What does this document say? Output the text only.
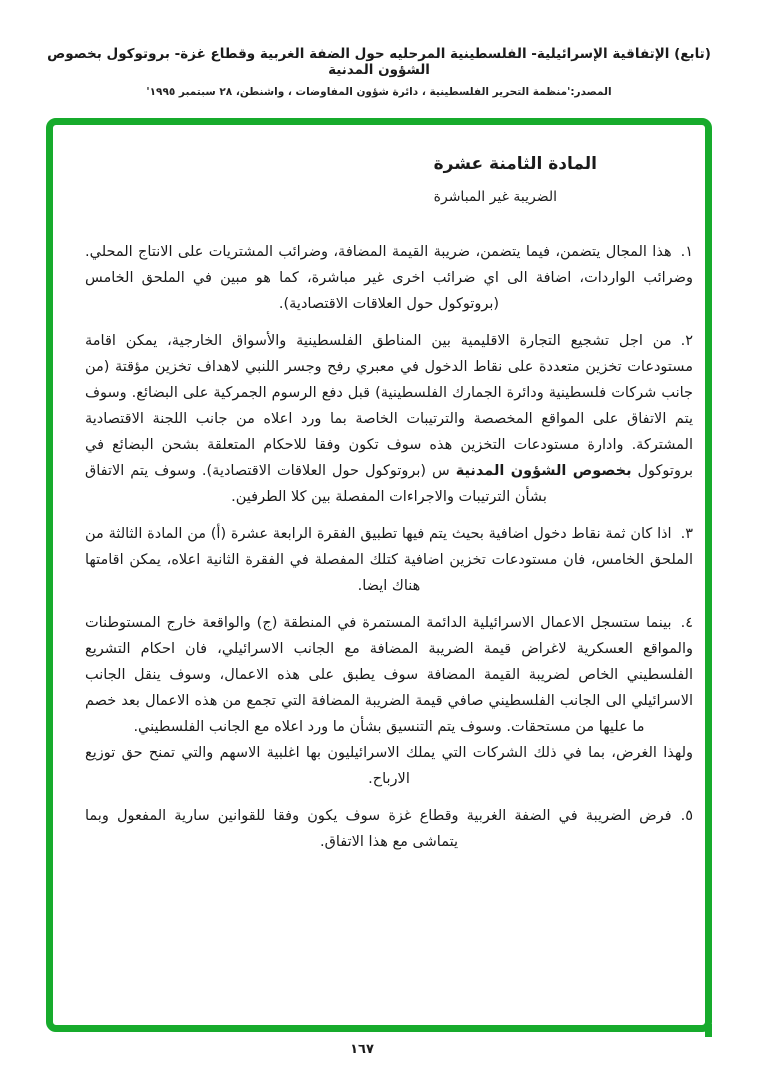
(تابع) الإتفاقية الإسرائيلية- الفلسطينية المرحليه حول الضفة الغربية وقطاع غزة- بروتوكول بخصوص الشؤون المدنية
المصدر:'منظمة التحرير الفلسطينية ، دائرة شؤون المفاوضات ، واشنطن، ٢٨ سبتمبر ١٩٩٥'
المادة الثامنة عشرة
الضريبة غير المباشرة
١.هذا المجال يتضمن، فيما يتضمن، ضريبة القيمة المضافة، وضرائب المشتريات على الانتاج المحلي. وضرائب الواردات، اضافة الى اي ضرائب اخرى غير مباشرة، كما هو مبين في الملحق الخامس (بروتوكول حول العلاقات الاقتصادية).
٢.من اجل تشجيع التجارة الاقليمية بين المناطق الفلسطينية والأسواق الخارجية، يمكن اقامة مستودعات تخزين متعددة على نقاط الدخول في معبري رفح وجسر اللنبي لاهداف تخزين مؤقتة (من جانب شركات فلسطينية ودائرة الجمارك الفلسطينية) قبل دفع الرسوم الجمركية على البضائع. وسوف يتم الاتفاق على المواقع المخصصة والترتيبات الخاصة بما ورد اعلاه من جانب اللجنة الاقتصادية المشتركة. وادارة مستودعات التخزين هذه سوف تكون وفقا للاحكام المتعلقة بشحن البضائع في بروتوكول بخصوص الشؤون المدنية س (بروتوكول حول العلاقات الاقتصادية). وسوف يتم الاتفاق بشأن الترتيبات والاجراءات المفصلة بين كلا الطرفين.
٣.اذا كان ثمة نقاط دخول اضافية بحيث يتم فيها تطبيق الفقرة الرابعة عشرة (أ) من المادة الثالثة من الملحق الخامس، فان مستودعات تخزين اضافية كتلك المفصلة في الفقرة الثانية اعلاه، يمكن اقامتها هناك ايضا.
٤.بينما ستسجل الاعمال الاسرائيلية الدائمة المستمرة في المنطقة (ج) والواقعة خارج المستوطنات والمواقع العسكرية لاغراض قيمة الضريبة المضافة مع الجانب الاسرائيلي، فان احكام التشريع الفلسطيني الخاص لضريبة القيمة المضافة سوف يطبق على هذه الاعمال، وسوف ينقل الجانب الاسرائيلي الى الجانب الفلسطيني صافي قيمة الضريبة المضافة التي تجمع من هذه الاعمال بعد خصم ما عليها من مستحقات. وسوف يتم التنسيق بشأن ما ورد اعلاه مع الجانب الفلسطيني.
ولهذا الغرض، بما في ذلك الشركات التي يملك الاسرائيليون بها اغلبية الاسهم والتي تمنح حق توزيع الارباح.
٥.فرض الضريبة في الضفة الغربية وقطاع غزة سوف يكون وفقا للقوانين سارية المفعول وبما يتماشى مع هذا الاتفاق.
١٦٧
